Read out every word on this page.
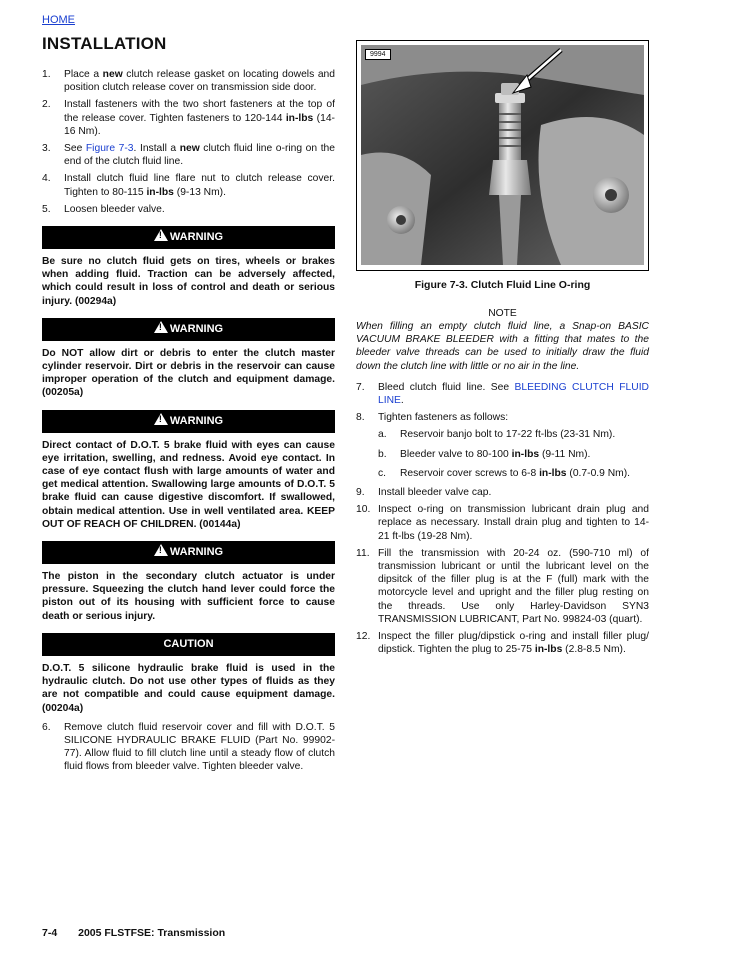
HOME
INSTALLATION
1.	Place a new clutch release gasket on locating dowels and position clutch release cover on transmission side door.
2.	Install fasteners with the two short fasteners at the top of the release cover. Tighten fasteners to 120-144 in-lbs (14-16 Nm).
3.	See Figure 7-3. Install a new clutch fluid line o-ring on the end of the clutch fluid line.
4.	Install clutch fluid line flare nut to clutch release cover. Tighten to 80-115 in-lbs (9-13 Nm).
5.	Loosen bleeder valve.
! WARNING
Be sure no clutch fluid gets on tires, wheels or brakes when adding fluid. Traction can be adversely affected, which could result in loss of control and death or serious injury. (00294a)
! WARNING
Do NOT allow dirt or debris to enter the clutch master cylinder reservoir. Dirt or debris in the reservoir can cause improper operation of the clutch and equipment damage. (00205a)
! WARNING
Direct contact of D.O.T. 5 brake fluid with eyes can cause eye irritation, swelling, and redness. Avoid eye contact. In case of eye contact flush with large amounts of water and get medical attention. Swallowing large amounts of D.O.T. 5 brake fluid can cause digestive discomfort. If swallowed, obtain medical attention. Use in well ventilated area. KEEP OUT OF REACH OF CHILDREN. (00144a)
! WARNING
The piston in the secondary clutch actuator is under pressure. Squeezing the clutch hand lever could force the piston out of its housing with sufficient force to cause death or serious injury.
CAUTION
D.O.T. 5 silicone hydraulic brake fluid is used in the hydraulic clutch. Do not use other types of fluids as they are not compatible and could cause equipment damage. (00204a)
6.	Remove clutch fluid reservoir cover and fill with D.O.T. 5 SILICONE HYDRAULIC BRAKE FLUID (Part No. 99902-77). Allow fluid to fill clutch line until a steady flow of clutch fluid flows from bleeder valve. Tighten bleeder valve.
9994
Figure 7-3. Clutch Fluid Line O-ring
NOTE
When filling an empty clutch fluid line, a Snap-on BASIC VACUUM BRAKE BLEEDER with a fitting that mates to the bleeder valve threads can be used to initially draw the fluid down the clutch line with little or no air in the line.
7.	Bleed clutch fluid line. See BLEEDING CLUTCH FLUID LINE.
8.	Tighten fasteners as follows:
a.	Reservoir banjo bolt to 17-22 ft-lbs (23-31 Nm).
b.	Bleeder valve to 80-100 in-lbs (9-11 Nm).
c.	Reservoir cover screws to 6-8 in-lbs (0.7-0.9 Nm).
9.	Install bleeder valve cap.
10. Inspect o-ring on transmission lubricant drain plug and replace as necessary. Install drain plug and tighten to 14-21 ft-lbs (19-28 Nm).
11. Fill the transmission with 20-24 oz. (590-710 ml) of transmission lubricant or until the lubricant level on the dipsitck of the filler plug is at the F (full) mark with the motorcycle level and upright and the filler plug resting on the threads. Use only Harley-Davidson SYN3 TRANSMISSION LUBRICANT, Part No. 99824-03 (quart).
12. Inspect the filler plug/dipstick o-ring and install filler plug/ dipstick. Tighten the plug to 25-75 in-lbs (2.8-8.5 Nm).
7-4 2005 FLSTFSE: Transmission
